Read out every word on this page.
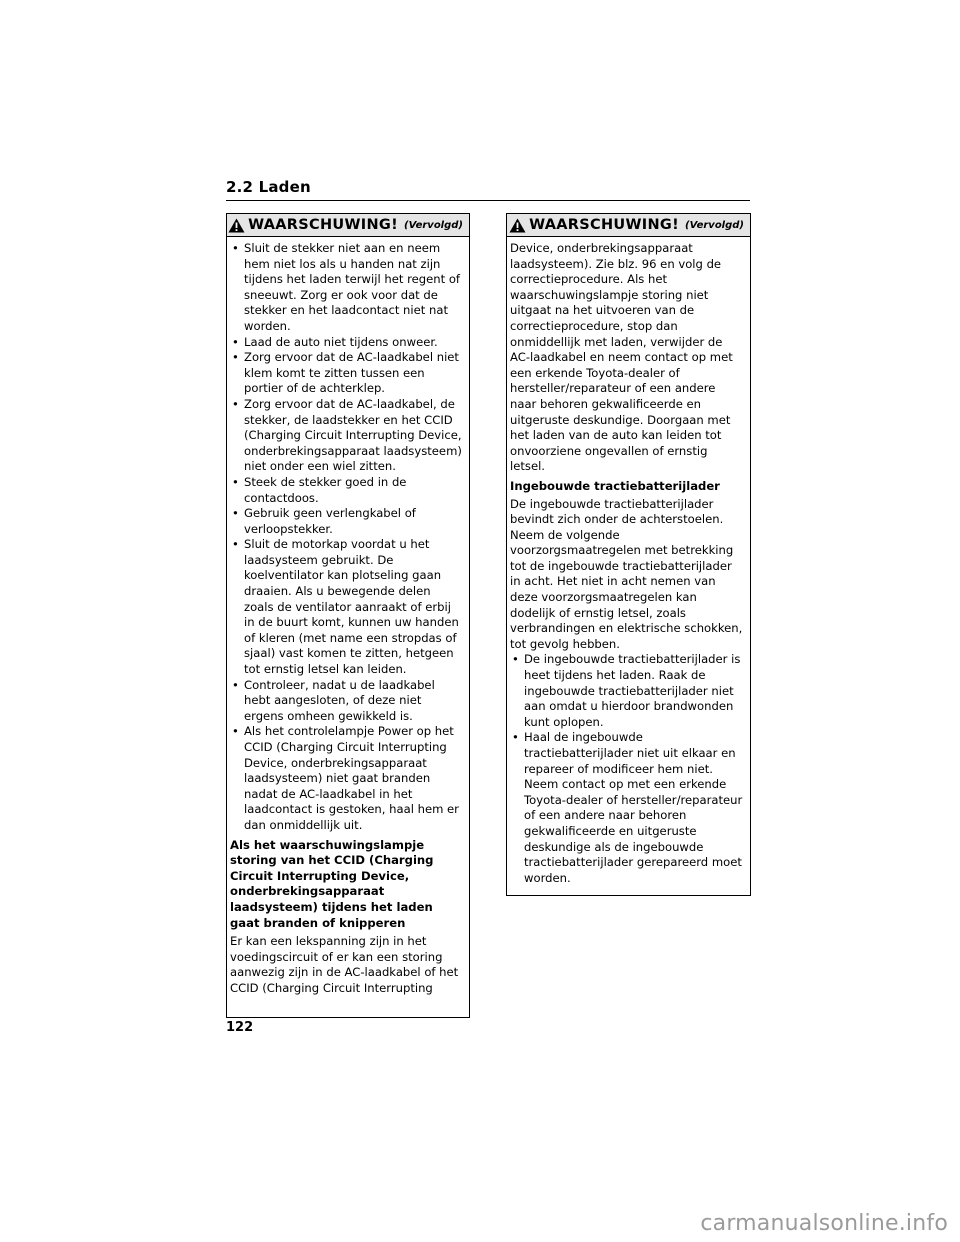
2.2 Laden
WAARSCHUWING! (Vervolgd)
• Sluit de stekker niet aan en neem hem niet los als u handen nat zijn tijdens het laden terwijl het regent of sneeuwt. Zorg er ook voor dat de stekker en het laadcontact niet nat worden.
• Laad de auto niet tijdens onweer.
• Zorg ervoor dat de AC-laadkabel niet klem komt te zitten tussen een portier of de achterklep.
• Zorg ervoor dat de AC-laadkabel, de stekker, de laadstekker en het CCID (Charging Circuit Interrupting Device, onderbrekingsapparaat laadsysteem) niet onder een wiel zitten.
• Steek de stekker goed in de contactdoos.
• Gebruik geen verlengkabel of verloopstekker.
• Sluit de motorkap voordat u het laadsysteem gebruikt. De koelventilator kan plotseling gaan draaien. Als u bewegende delen zoals de ventilator aanraakt of erbij in de buurt komt, kunnen uw handen of kleren (met name een stropdas of sjaal) vast komen te zitten, hetgeen tot ernstig letsel kan leiden.
• Controleer, nadat u de laadkabel hebt aangesloten, of deze niet ergens omheen gewikkeld is.
• Als het controlelampje Power op het CCID (Charging Circuit Interrupting Device, onderbrekingsapparaat laadsysteem) niet gaat branden nadat de AC-laadkabel in het laadcontact is gestoken, haal hem er dan onmiddellijk uit.

Als het waarschuwingslampje storing van het CCID (Charging Circuit Interrupting Device, onderbrekingsapparaat laadsysteem) tijdens het laden gaat branden of knipperen

Er kan een lekspanning zijn in het voedingscircuit of er kan een storing aanwezig zijn in de AC-laadkabel of het CCID (Charging Circuit Interrupting

WAARSCHUWING! (Vervolgd)

Device, onderbrekingsapparaat laadsysteem). Zie blz. 96 en volg de correctieprocedure. Als het waarschuwingslampje storing niet uitgaat na het uitvoeren van de correctieprocedure, stop dan onmiddellijk met laden, verwijder de AC-laadkabel en neem contact op met een erkende Toyota-dealer of hersteller/reparateur of een andere naar behoren gekwalificeerde en uitgeruste deskundige. Doorgaan met het laden van de auto kan leiden tot onvoorziene ongevallen of ernstig letsel.

Ingebouwde tractiebatterijlader

De ingebouwde tractiebatterijlader bevindt zich onder de achterstoelen. Neem de volgende voorzorgsmaatregelen met betrekking tot de ingebouwde tractiebatterijlader in acht. Het niet in acht nemen van deze voorzorgsmaatregelen kan dodelijk of ernstig letsel, zoals verbrandingen en elektrische schokken, tot gevolg hebben.

• De ingebouwde tractiebatterijlader is heet tijdens het laden. Raak de ingebouwde tractiebatterijlader niet aan omdat u hierdoor brandwonden kunt oplopen.
• Haal de ingebouwde tractiebatterijlader niet uit elkaar en repareer of modificeer hem niet. Neem contact op met een erkende Toyota-dealer of hersteller/reparateur of een andere naar behoren gekwalificeerde en uitgeruste deskundige als de ingebouwde tractiebatterijlader gerepareerd moet worden.
122
carmanualsonline.info
